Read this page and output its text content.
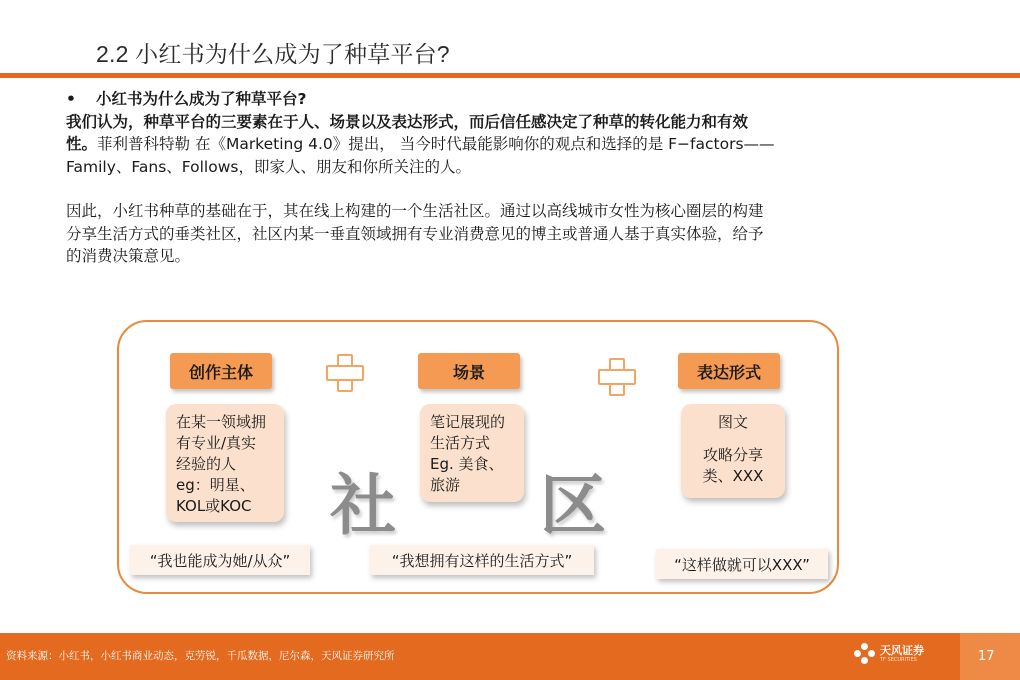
2.2 小红书为什么成为了种草平台?
•	小红书为什么成为了种草平台?
我们认为，种草平台的三要素在于人、场景以及表达形式，而后信任感决定了种草的转化能力和有效
性。菲利普科特勒 在《Marketing 4.0》提出， 当今时代最能影响你的观点和选择的是 F−factors——
Family、Fans、Follows，即家人、朋友和你所关注的人。
因此，小红书种草的基础在于，其在线上构建的一个生活社区。通过以高线城市女性为核心圈层的构建
分享生活方式的垂类社区，社区内某一垂直领域拥有专业消费意见的博主或普通人基于真实体验，给予
的消费决策意见。
创作主体	场景	表达形式
在某一领域拥
有专业/真实
经验的人
eg：明星、
KOL或KOC
笔记展现的
生活方式
Eg. 美食、
旅游
图文
攻略分享
类、XXX
社 区
“我也能成为她/从众”	“我想拥有这样的生活方式”	“这样做就可以XXX”
资料来源：小红书，小红书商业动态，克劳锐，千瓜数据，尼尔森，天风证券研究所	天风证券
TF SECURITIES	17
